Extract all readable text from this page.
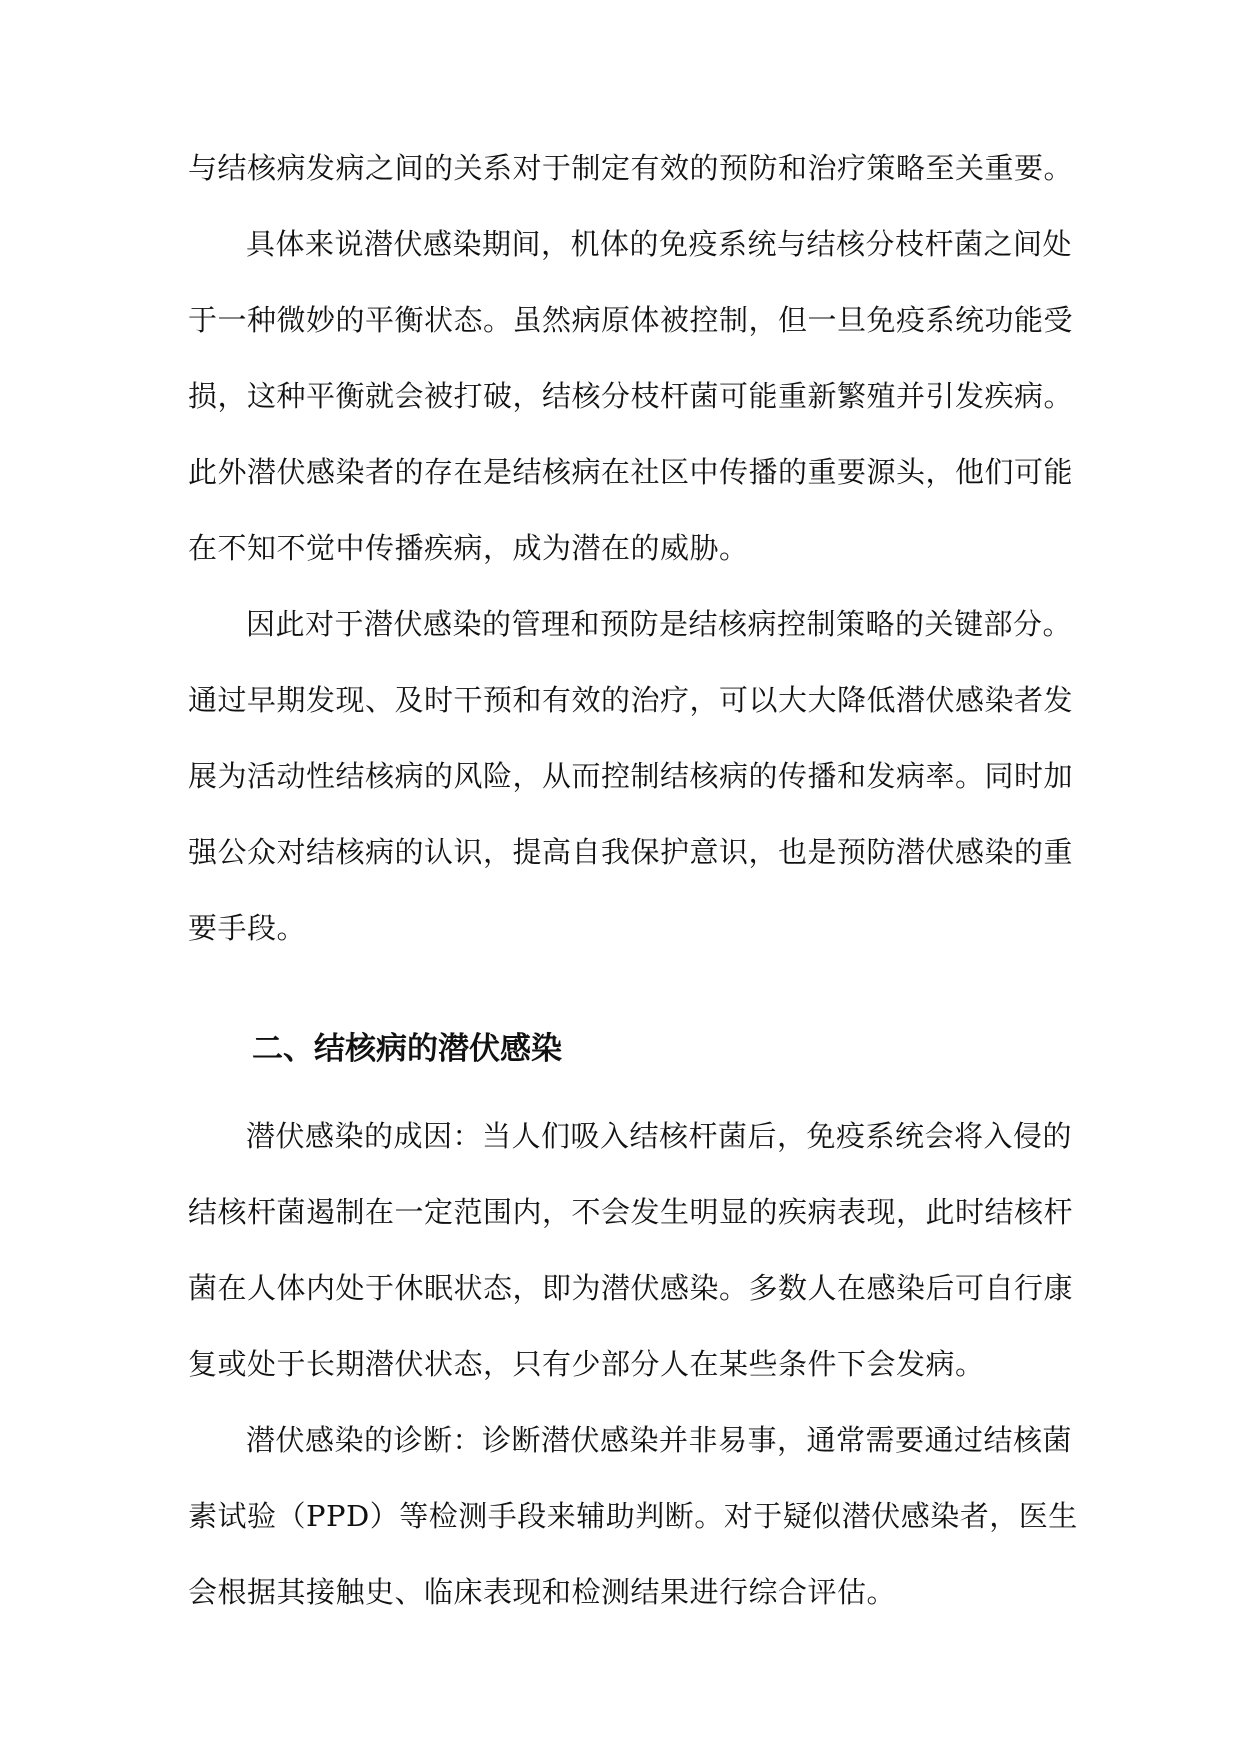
与结核病发病之间的关系对于制定有效的预防和治疗策略至关重要。
具体来说潜伏感染期间，机体的免疫系统与结核分枝杆菌之间处
于一种微妙的平衡状态。虽然病原体被控制，但一旦免疫系统功能受
损，这种平衡就会被打破，结核分枝杆菌可能重新繁殖并引发疾病。
此外潜伏感染者的存在是结核病在社区中传播的重要源头，他们可能
在不知不觉中传播疾病，成为潜在的威胁。
因此对于潜伏感染的管理和预防是结核病控制策略的关键部分。
通过早期发现、及时干预和有效的治疗，可以大大降低潜伏感染者发
展为活动性结核病的风险，从而控制结核病的传播和发病率。同时加
强公众对结核病的认识，提高自我保护意识，也是预防潜伏感染的重
要手段。
二、结核病的潜伏感染
潜伏感染的成因：当人们吸入结核杆菌后，免疫系统会将入侵的
结核杆菌遏制在一定范围内，不会发生明显的疾病表现，此时结核杆
菌在人体内处于休眠状态，即为潜伏感染。多数人在感染后可自行康
复或处于长期潜伏状态，只有少部分人在某些条件下会发病。
潜伏感染的诊断：诊断潜伏感染并非易事，通常需要通过结核菌
素试验（PPD）等检测手段来辅助判断。对于疑似潜伏感染者，医生
会根据其接触史、临床表现和检测结果进行综合评估。
